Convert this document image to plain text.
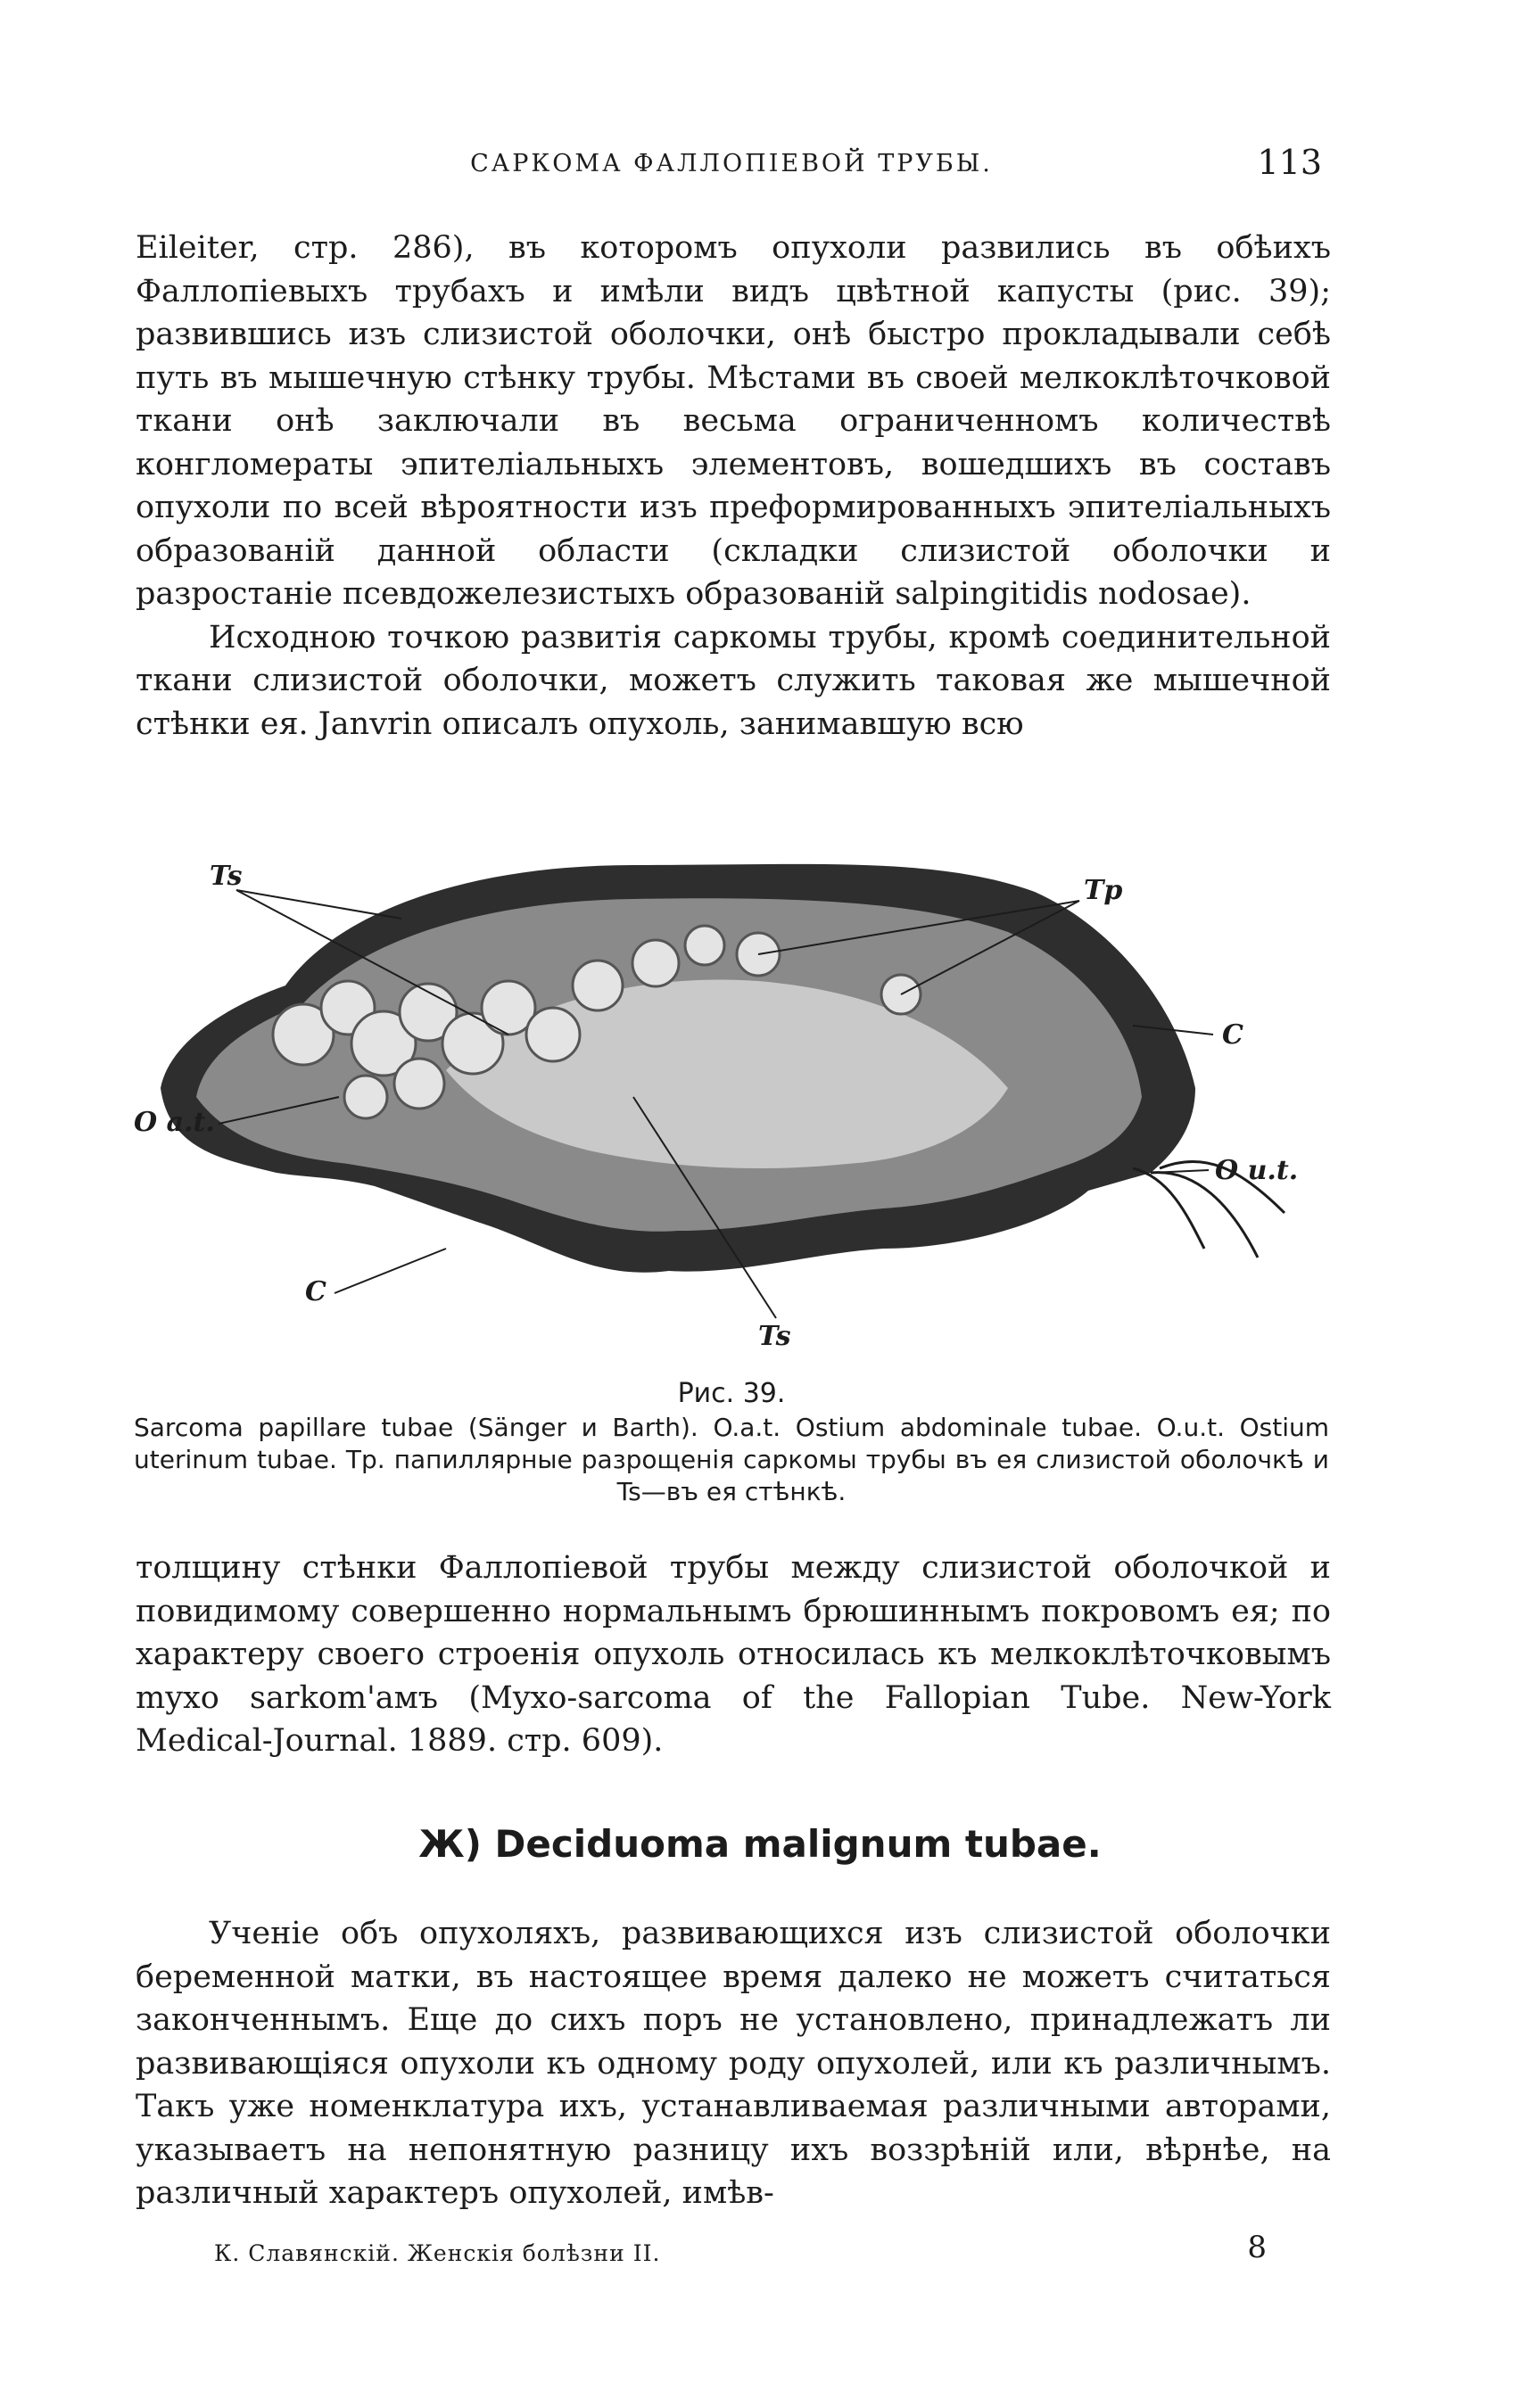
САРКОМА ФАЛЛОПІЕВОЙ ТРУБЫ.	113

Eileiter, стр. 286), въ которомъ опухоли развились въ обѣихъ Фаллопіевыхъ трубахъ и имѣли видъ цвѣтной капусты (рис. 39); развившись изъ слизистой оболочки, онѣ быстро прокладывали себѣ путь въ мышечную стѣнку трубы. Мѣстами въ своей мелкоклѣточковой ткани онѣ заключали въ весьма ограниченномъ количествѣ конгломераты эпителіальныхъ элементовъ, вошедшихъ въ составъ опухоли по всей вѣроятности изъ преформированныхъ эпителіальныхъ образованій данной области (складки слизистой оболочки и разростаніе псевдожелезистыхъ образованій salpingitidis nodosae).

Исходною точкою развитія саркомы трубы, кромѣ соединительной ткани слизистой оболочки, можетъ служить таковая же мышечной стѣнки ея. Janvrin описалъ опухоль, занимавшую всю

Ts	Tp
C
O a.t.
O u.t.
C
Ts
Рис. 39.
Sarcoma papillare tubae (Sänger и Barth). O.a.t. Ostium abdominale tubae. O.u.t. Ostium uterinum tubae. Tp. папиллярные разрощенія саркомы трубы въ ея слизистой оболочкѣ и Ts—въ ея стѣнкѣ.

толщину стѣнки Фаллопіевой трубы между слизистой оболочкой и повидимому совершенно нормальнымъ брюшиннымъ покровомъ ея; по характеру своего строенія опухоль относилась къ мелкоклѣточковымъ myxo sarkom'амъ (Myxo-sarcoma of the Fallopian Tube. New-York Medical-Journal. 1889. стр. 609).

Ж) Deciduoma malignum tubae.

Ученіе объ опухоляхъ, развивающихся изъ слизистой оболочки беременной матки, въ настоящее время далеко не можетъ считаться законченнымъ. Еще до сихъ поръ не установлено, принадлежатъ ли развивающіяся опухоли къ одному роду опухолей, или къ различнымъ. Такъ уже номенклатура ихъ, устанавливаемая различными авторами, указываетъ на непонятную разницу ихъ воззрѣній или, вѣрнѣе, на различный характеръ опухолей, имѣв-

К. Славянскій. Женскія болѣзни II.	8
